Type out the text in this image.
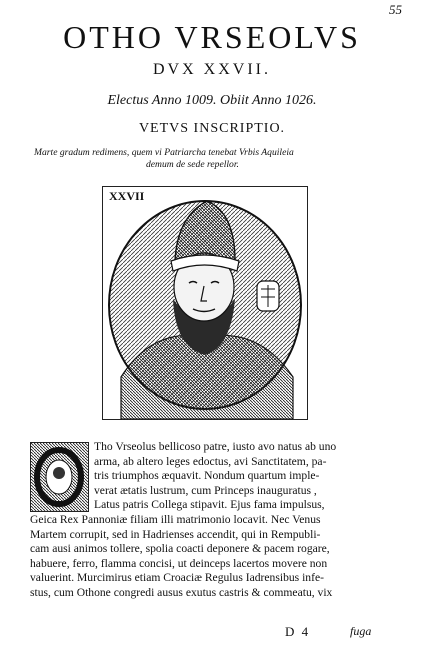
55
OTHO VRSEOLVS
DVX XXVII.
Electus Anno 1009. Obiit Anno 1026.
VETVS INSCRIPTIO.
Marte gradum redimens, quem vi Patriarcha tenebat Vrbis Aquileia
demum de sede repellor.
XXVII
Tho Vrseolus bellicoso patre, iusto avo natus ab uno
arma, ab altero leges edoctus, avi Sanctitatem, pa-
tris triumphos æquavit. Nondum quartum imple-
verat ætatis lustrum, cum Princeps inauguratus ,
Latus patris Collega stipavit. Ejus fama impulsus,
Geica Rex Pannoniæ filiam illi matrimonio locavit. Nec Venus
Martem corrupit, sed in Hadrienses accendit, qui in Rempubli-
cam ausi animos tollere, spolia coacti deponere & pacem rogare,
habuere, ferro, flamma concisi, ut deinceps lacertos movere non
valuerint. Murcimirus etiam Croaciæ Regulus Iadrensibus infe-
stus, cum Othone congredi ausus exutus castris & commeatu, vix
D 4	fuga
